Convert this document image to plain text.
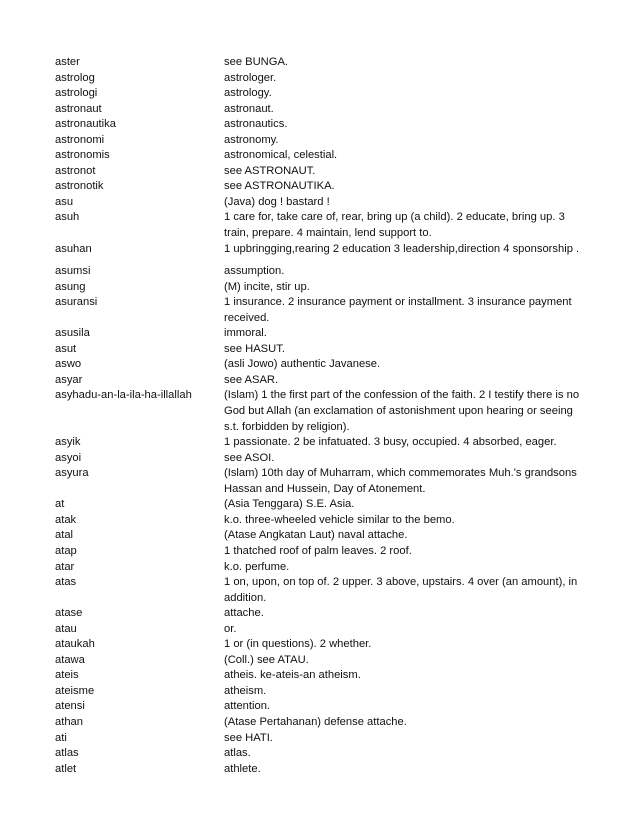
aster	see BUNGA.
astrolog	astrologer.
astrologi	astrology.
astronaut	astronaut.
astronautika	astronautics.
astronomi	astronomy.
astronomis	astronomical, celestial.
astronot	see ASTRONAUT.
astronotik	see ASTRONAUTIKA.
asu	(Java) dog ! bastard !
asuh	1 care for, take care of, rear, bring up (a child). 2 educate, bring up. 3 train, prepare. 4 maintain, lend support to.
asuhan	1 upbringging,rearing 2 education 3 leadership,direction 4 sponsorship .
asumsi	assumption.
asung	(M) incite, stir up.
asuransi	1 insurance. 2 insurance payment or installment. 3 insurance payment received.
asusila	immoral.
asut	see HASUT.
aswo	(asli Jowo) authentic Javanese.
asyar	see ASAR.
asyhadu-an-la-ila-ha-illallah	(Islam) 1 the first part of the confession of the faith. 2 I testify there is no God but Allah (an exclamation of astonishment upon hearing or seeing s.t. forbidden by religion).
asyik	1 passionate. 2 be infatuated. 3 busy, occupied. 4 absorbed, eager.
asyoi	see ASOI.
asyura	(Islam) 10th day of Muharram, which commemorates Muh.'s grandsons Hassan and Hussein, Day of Atonement.
at	(Asia Tenggara) S.E. Asia.
atak	k.o. three-wheeled vehicle similar to the bemo.
atal	(Atase Angkatan Laut) naval attache.
atap	1 thatched roof of palm leaves. 2 roof.
atar	k.o. perfume.
atas	1 on, upon, on top of. 2 upper. 3 above, upstairs. 4 over (an amount), in addition.
atase	attache.
atau	or.
ataukah	1 or (in questions). 2 whether.
atawa	(Coll.) see ATAU.
ateis	atheis. ke-ateis-an atheism.
ateisme	atheism.
atensi	attention.
athan	(Atase Pertahanan) defense attache.
ati	see HATI.
atlas	atlas.
atlet	athlete.
